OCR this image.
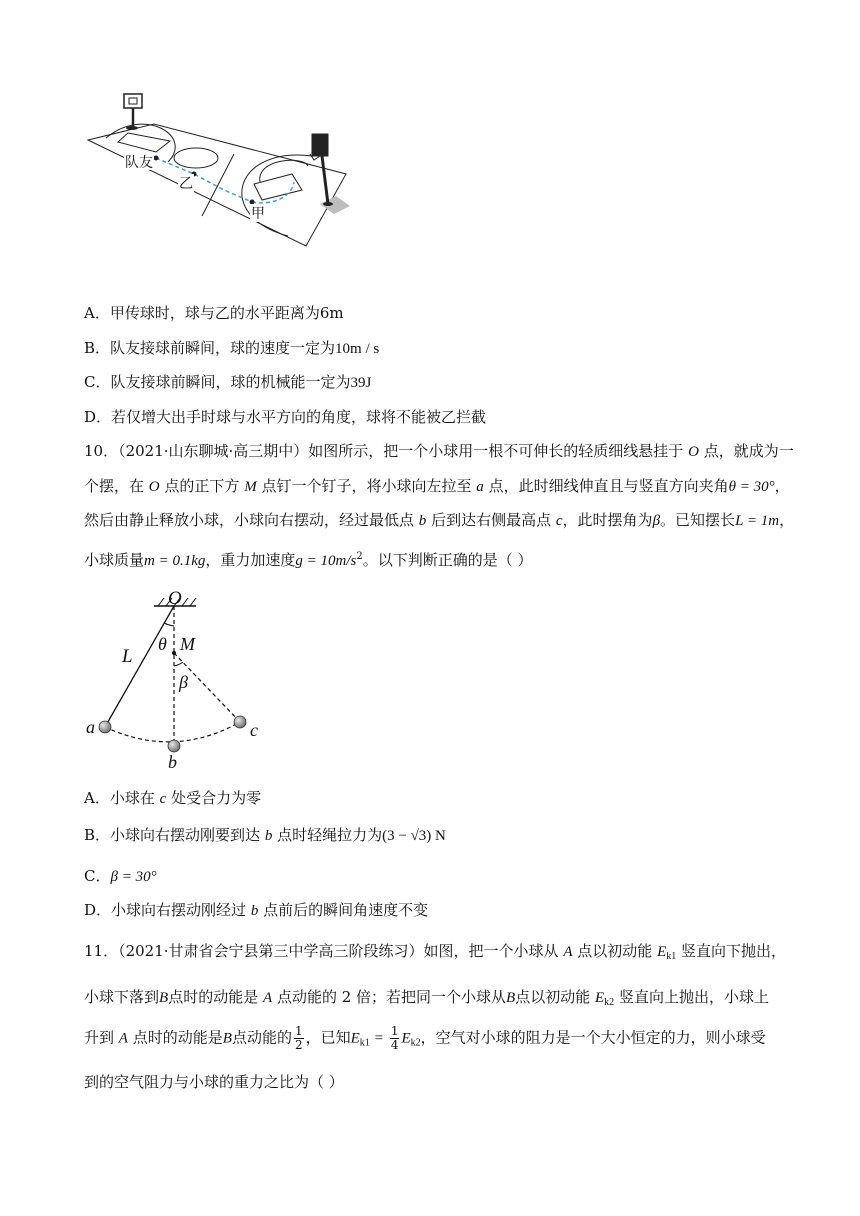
队友
乙
甲
A．甲传球时，球与乙的水平距离为6m
B．队友接球前瞬间，球的速度一定为10m / s
C．队友接球前瞬间，球的机械能一定为39J
D．若仅增大出手时球与水平方向的角度，球将不能被乙拦截
10．（2021·山东聊城·高三期中）如图所示，把一个小球用一根不可伸长的轻质细线悬挂于 O 点，就成为一
个摆，在 O 点的正下方 M 点钉一个钉子，将小球向左拉至 a 点，此时细线伸直且与竖直方向夹角θ = 30°，
然后由静止释放小球，小球向右摆动，经过最低点 b 后到达右侧最高点 c，此时摆角为β。已知摆长L = 1m，
小球质量m = 0.1kg，重力加速度$g = 10m/s^2$。以下判断正确的是（ ）
O
M
L
θ
β
a
b
c
A．小球在 c 处受合力为零
B．小球向右摆动刚要到达 b 点时轻绳拉力为(3 − √3) N
C．β = 30°
D．小球向右摆动刚经过 b 点前后的瞬间角速度不变
11．（2021·甘肃省会宁县第三中学高三阶段练习）如图，把一个小球从 A 点以初动能 $E_{k1}$ 竖直向下抛出，
小球下落到B点时的动能是 A 点动能的 2 倍；若把同一个小球从B点以初动能 $E_{k2}$ 竖直向上抛出，小球上
升到 A 点时的动能是B点动能的 $\frac{1}{2}$ ，已知$E_{k1} = \frac{1}{4} E_{k2}$，空气对小球的阻力是一个大小恒定的力，则小球受
到的空气阻力与小球的重力之比为（ ）
